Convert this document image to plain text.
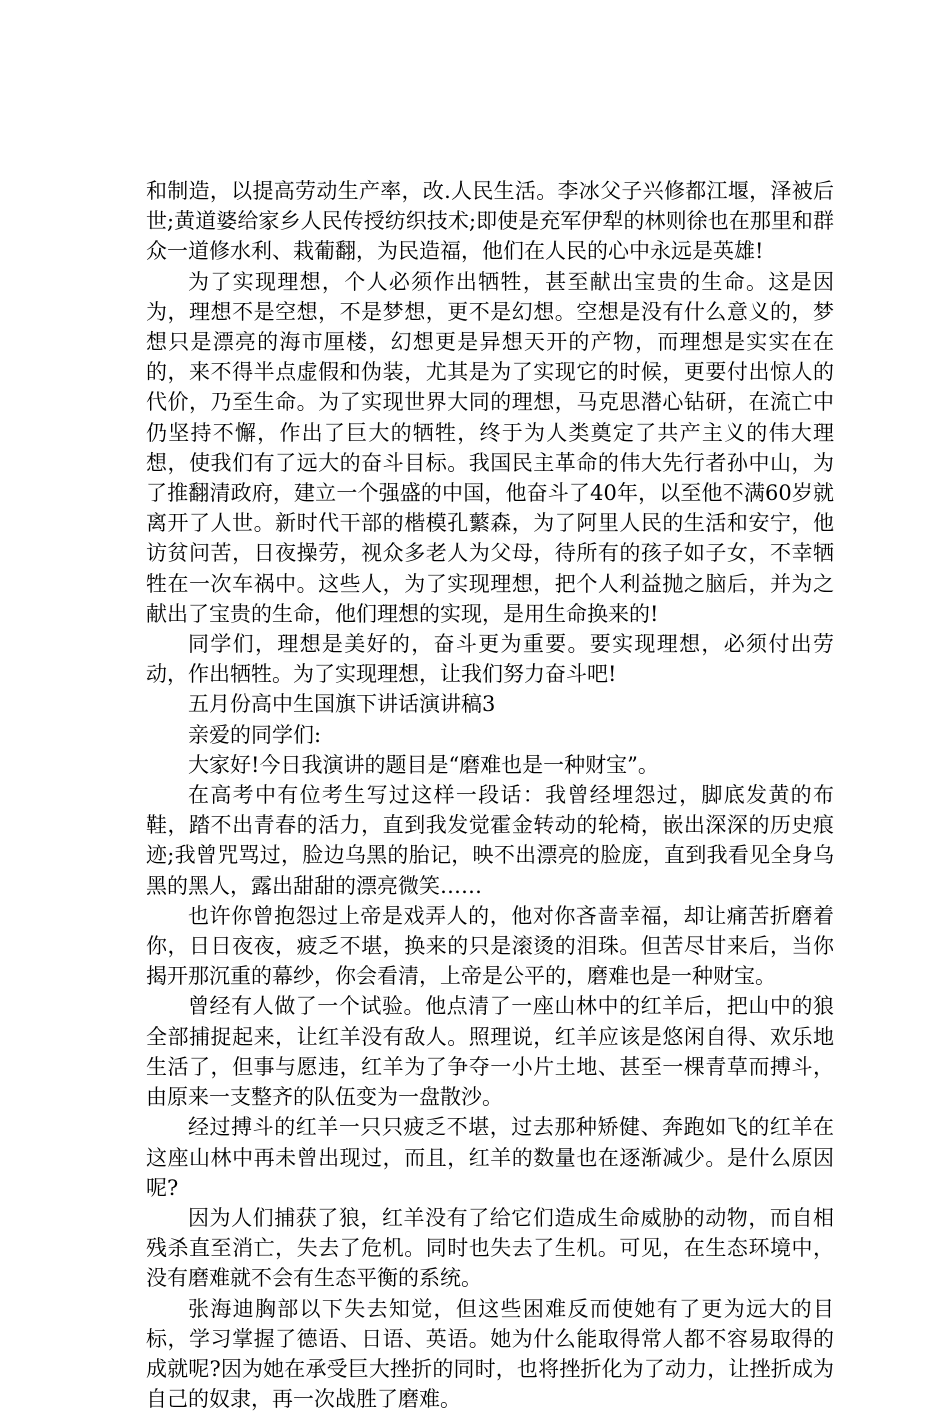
和制造，以提高劳动生产率，改.人民生活。李冰父子兴修都江堰，泽被后世;黄道婆给家乡人民传授纺织技术;即使是充军伊犁的林则徐也在那里和群众一道修水利、栽葡翻，为民造福，他们在人民的心中永远是英雄!

为了实现理想，个人必须作出牺牲，甚至献出宝贵的生命。这是因为，理想不是空想，不是梦想，更不是幻想。空想是没有什么意义的，梦想只是漂亮的海市厘楼，幻想更是异想天开的产物，而理想是实实在在的，来不得半点虚假和伪装，尤其是为了实现它的时候，更要付出惊人的代价，乃至生命。为了实现世界大同的理想，马克思潜心钻研，在流亡中仍坚持不懈，作出了巨大的牺牲，终于为人类奠定了共产主义的伟大理想，使我们有了远大的奋斗目标。我国民主革命的伟大先行者孙中山，为了推翻清政府，建立一个强盛的中国，他奋斗了40年，以至他不满60岁就离开了人世。新时代干部的楷模孔蘩森，为了阿里人民的生活和安宁，他访贫问苦，日夜操劳，视众多老人为父母，待所有的孩子如子女，不幸牺牲在一次车祸中。这些人，为了实现理想，把个人利益抛之脑后，并为之献出了宝贵的生命，他们理想的实现，是用生命换来的!

同学们，理想是美好的，奋斗更为重要。要实现理想，必须付出劳动，作出牺牲。为了实现理想，让我们努力奋斗吧!

五月份高中生国旗下讲话演讲稿3

亲爱的同学们:

大家好!今日我演讲的题目是“磨难也是一种财宝”。

在高考中有位考生写过这样一段话：我曾经埋怨过，脚底发黄的布鞋，踏不出青春的活力，直到我发觉霍金转动的轮椅，嵌出深深的历史痕迹;我曾咒骂过，脸边乌黑的胎记，映不出漂亮的脸庞，直到我看见全身乌黑的黑人，露出甜甜的漂亮微笑……

也许你曾抱怨过上帝是戏弄人的，他对你吝啬幸福，却让痛苦折磨着你，日日夜夜，疲乏不堪，换来的只是滚烫的泪珠。但苦尽甘来后，当你揭开那沉重的幕纱，你会看清，上帝是公平的，磨难也是一种财宝。

曾经有人做了一个试验。他点清了一座山林中的红羊后，把山中的狼全部捕捉起来，让红羊没有敌人。照理说，红羊应该是悠闲自得、欢乐地生活了，但事与愿违，红羊为了争夺一小片土地、甚至一棵青草而搏斗，由原来一支整齐的队伍变为一盘散沙。

经过搏斗的红羊一只只疲乏不堪，过去那种矫健、奔跑如飞的红羊在这座山林中再未曾出现过，而且，红羊的数量也在逐渐减少。是什么原因呢?

因为人们捕获了狼，红羊没有了给它们造成生命威胁的动物，而自相残杀直至消亡，失去了危机。同时也失去了生机。可见，在生态环境中，没有磨难就不会有生态平衡的系统。

张海迪胸部以下失去知觉，但这些困难反而使她有了更为远大的目标，学习掌握了德语、日语、英语。她为什么能取得常人都不容易取得的成就呢?因为她在承受巨大挫折的同时，也将挫折化为了动力，让挫折成为自己的奴隶，再一次战胜了磨难。
